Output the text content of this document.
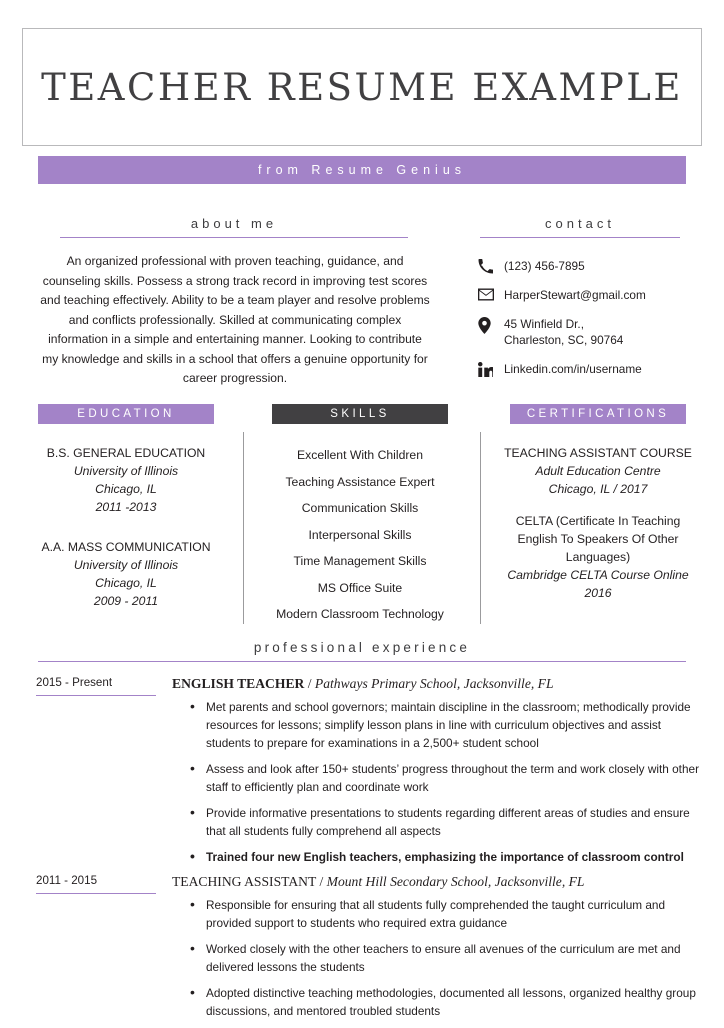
TEACHER RESUME EXAMPLE
from Resume Genius
about me
An organized professional with proven teaching, guidance, and counseling skills. Possess a strong track record in improving test scores and teaching effectively. Ability to be a team player and resolve problems and conflicts professionally. Skilled at communicating complex information in a simple and entertaining manner. Looking to contribute my knowledge and skills in a school that offers a genuine opportunity for career progression.
contact
(123) 456-7895
HarperStewart@gmail.com
45 Winfield Dr.,
Charleston, SC, 90764
Linkedin.com/in/username
EDUCATION	SKILLS	CERTIFICATIONS
B.S. GENERAL EDUCATION
University of Illinois
Chicago, IL
2011 -2013
A.A. MASS COMMUNICATION
University of Illinois
Chicago, IL
2009 - 2011
Excellent With Children
Teaching Assistance Expert
Communication Skills
Interpersonal Skills
Time Management Skills
MS Office Suite
Modern Classroom Technology
TEACHING ASSISTANT COURSE
Adult Education Centre
Chicago, IL / 2017
CELTA (Certificate In Teaching English To Speakers Of Other Languages)
Cambridge CELTA Course Online
2016
professional experience
2015 - Present	ENGLISH TEACHER / Pathways Primary School, Jacksonville, FL
• Met parents and school governors; maintain discipline in the classroom; methodically provide resources for lessons; simplify lesson plans in line with curriculum objectives and assist students to prepare for examinations in a 2,500+ student school
• Assess and look after 150+ students’ progress throughout the term and work closely with other staff to efficiently plan and coordinate work
• Provide informative presentations to students regarding different areas of studies and ensure that all students fully comprehend all aspects
• Trained four new English teachers, emphasizing the importance of classroom control
2011 - 2015	TEACHING ASSISTANT / Mount Hill Secondary School, Jacksonville, FL
• Responsible for ensuring that all students fully comprehended the taught curriculum and provided support to students who required extra guidance
• Worked closely with the other teachers to ensure all avenues of the curriculum are met and delivered lessons the students
• Adopted distinctive teaching methodologies, documented all lessons, organized healthy group discussions, and mentored troubled students
